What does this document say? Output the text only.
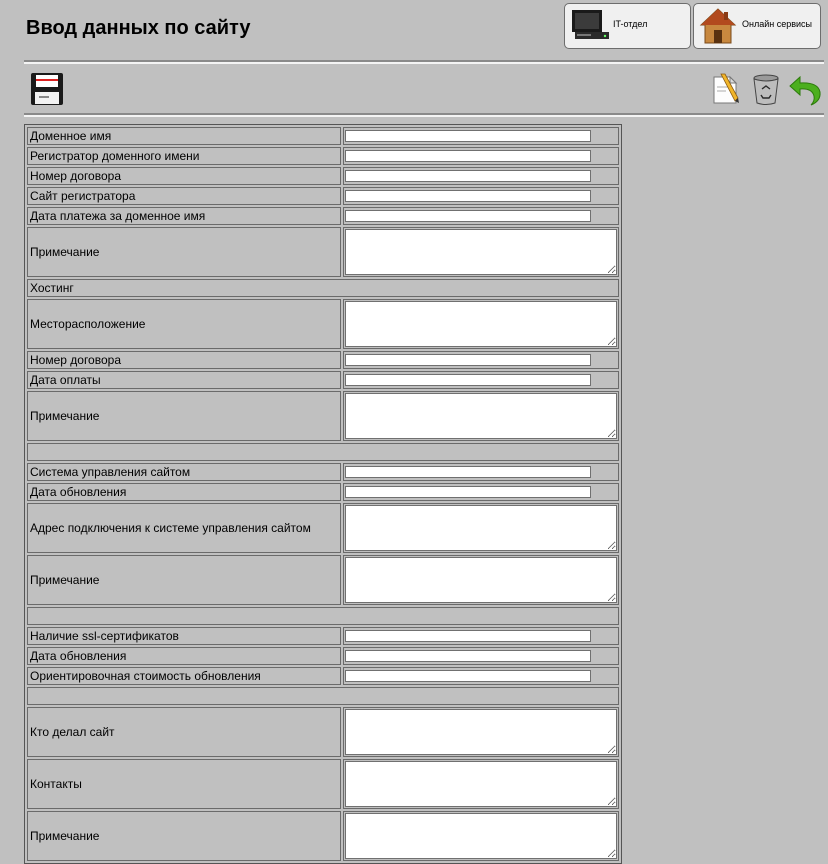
Ввод данных по сайту	IT-отдел	Онлайн сервисы
Доменное имя	

Регистратор доменного имени	

Номер договора	

Сайт регистратора	

Дата платежа за доменное имя	

Примечание	

Хостинг	
Месторасположение	

Номер договора	

Дата оплаты	

Примечание	

Система управления сайтом	

Дата обновления	

Адрес подключения к системе управления сайтом	

Примечание	

Наличие ssl-сертификатов	

Дата обновления	

Ориентировочная стоимость обновления	

Кто делал сайт	

Контакты	

Примечание	
